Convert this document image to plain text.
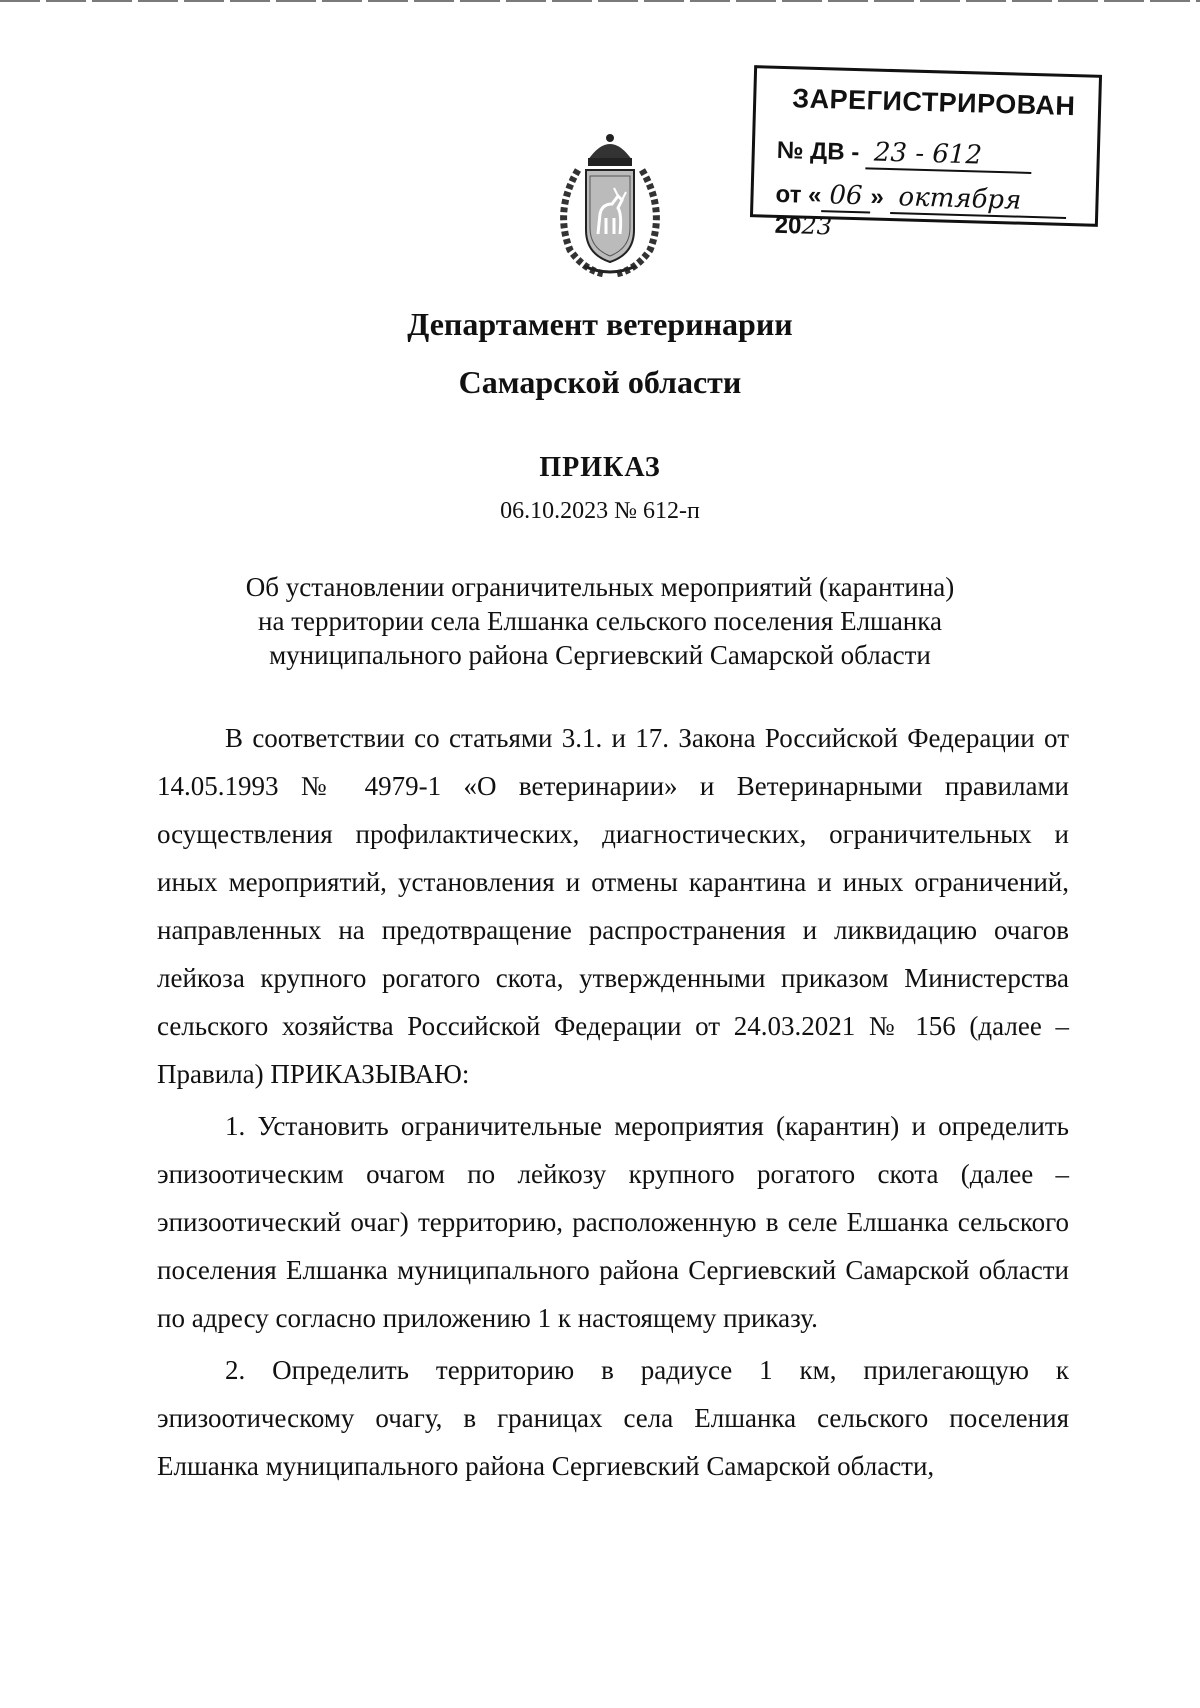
ЗАРЕГИСТРИРОВАН
№ ДВ - 23 - 612
от « 06 » октября 2023
Департамент ветеринарии
Самарской области
ПРИКАЗ
06.10.2023 № 612-п
Об установлении ограничительных мероприятий (карантина)
на территории села Елшанка сельского поселения Елшанка
муниципального района Сергиевский Самарской области

В соответствии со статьями 3.1. и 17. Закона Российской Федерации от 14.05.1993 № 4979-1 «О ветеринарии» и Ветеринарными правилами осуществления профилактических, диагностических, ограничительных и иных мероприятий, установления и отмены карантина и иных ограничений, направленных на предотвращение распространения и ликвидацию очагов лейкоза крупного рогатого скота, утвержденными приказом Министерства сельского хозяйства Российской Федерации от 24.03.2021 № 156 (далее – Правила) ПРИКАЗЫВАЮ:

1. Установить ограничительные мероприятия (карантин) и определить эпизоотическим очагом по лейкозу крупного рогатого скота (далее – эпизоотический очаг) территорию, расположенную в селе Елшанка сельского поселения Елшанка муниципального района Сергиевский Самарской области по адресу согласно приложению 1 к настоящему приказу.

2. Определить территорию в радиусе 1 км, прилегающую к эпизоотическому очагу, в границах села Елшанка сельского поселения Елшанка муниципального района Сергиевский Самарской области,
